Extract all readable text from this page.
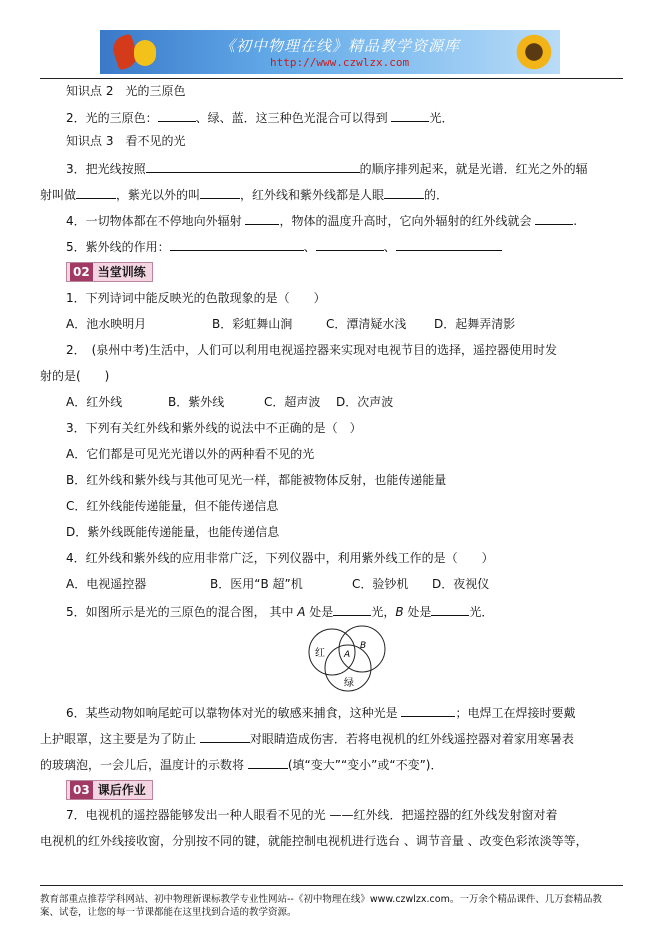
《初中物理在线》精品教学资源库
http://www.czwlzx.com
知识点 2　光的三原色
2．光的三原色：	、绿、蓝．这三种色光混合可以得到	光．
知识点 3　看不见的光
3．把光线按照	的顺序排列起来，就是光谱．红光之外的辐
射叫做	，紫光以外的叫	，红外线和紫外线都是人眼	的．
4．一切物体都在不停地向外辐射	，物体的温度升高时，它向外辐射的红外线就会	.
5．紫外线的作用：	、	、
02 当堂训练
1．下列诗词中能反映光的色散现象的是（　　）
A．池水映明月	B．彩虹舞山涧	C．潭清疑水浅 D．起舞弄清影
2．　(泉州中考)生活中，人们可以利用电视遥控器来实现对电视节目的选择，遥控器使用时发
射的是(　　)
A．红外线	B．紫外线	C．超声波 D．次声波
3．下列有关红外线和紫外线的说法中不正确的是（　）
A．它们都是可见光光谱以外的两种看不见的光
B．红外线和紫外线与其他可见光一样，都能被物体反射，也能传递能量
C．红外线能传递能量，但不能传递信息
D．紫外线既能传递能量，也能传递信息
4．红外线和紫外线的应用非常广泛，下列仪器中，利用紫外线工作的是（　　）
A．电视遥控器	B．医用“B 超”机	C．验钞机 D．夜视仪
5．如图所示是光的三原色的混合图， 其中 A 处是	光，B 处是	光．
红
B
A
绿
6．某些动物如响尾蛇可以靠物体对光的敏感来捕食，这种光是	；电焊工在焊接时要戴
上护眼罩，这主要是为了防止	对眼睛造成伤害．若将电视机的红外线遥控器对着家用寒暑表
的玻璃泡，一会儿后，温度计的示数将	(填“变大”“变小”或“不变”)．
03 课后作业
7．电视机的遥控器能够发出一种人眼看不见的光 ——红外线．把遥控器的红外线发射窗对着
电视机的红外线接收窗，分别按不同的键，就能控制电视机进行选台 、调节音量 、改变色彩浓淡等等，
教育部重点推荐学科网站、初中物理新课标教学专业性网站--《初中物理在线》www.czwlzx.com。一万余个精品课件、几万套精品教
案、试卷，让您的每一节课都能在这里找到合适的教学资源。
